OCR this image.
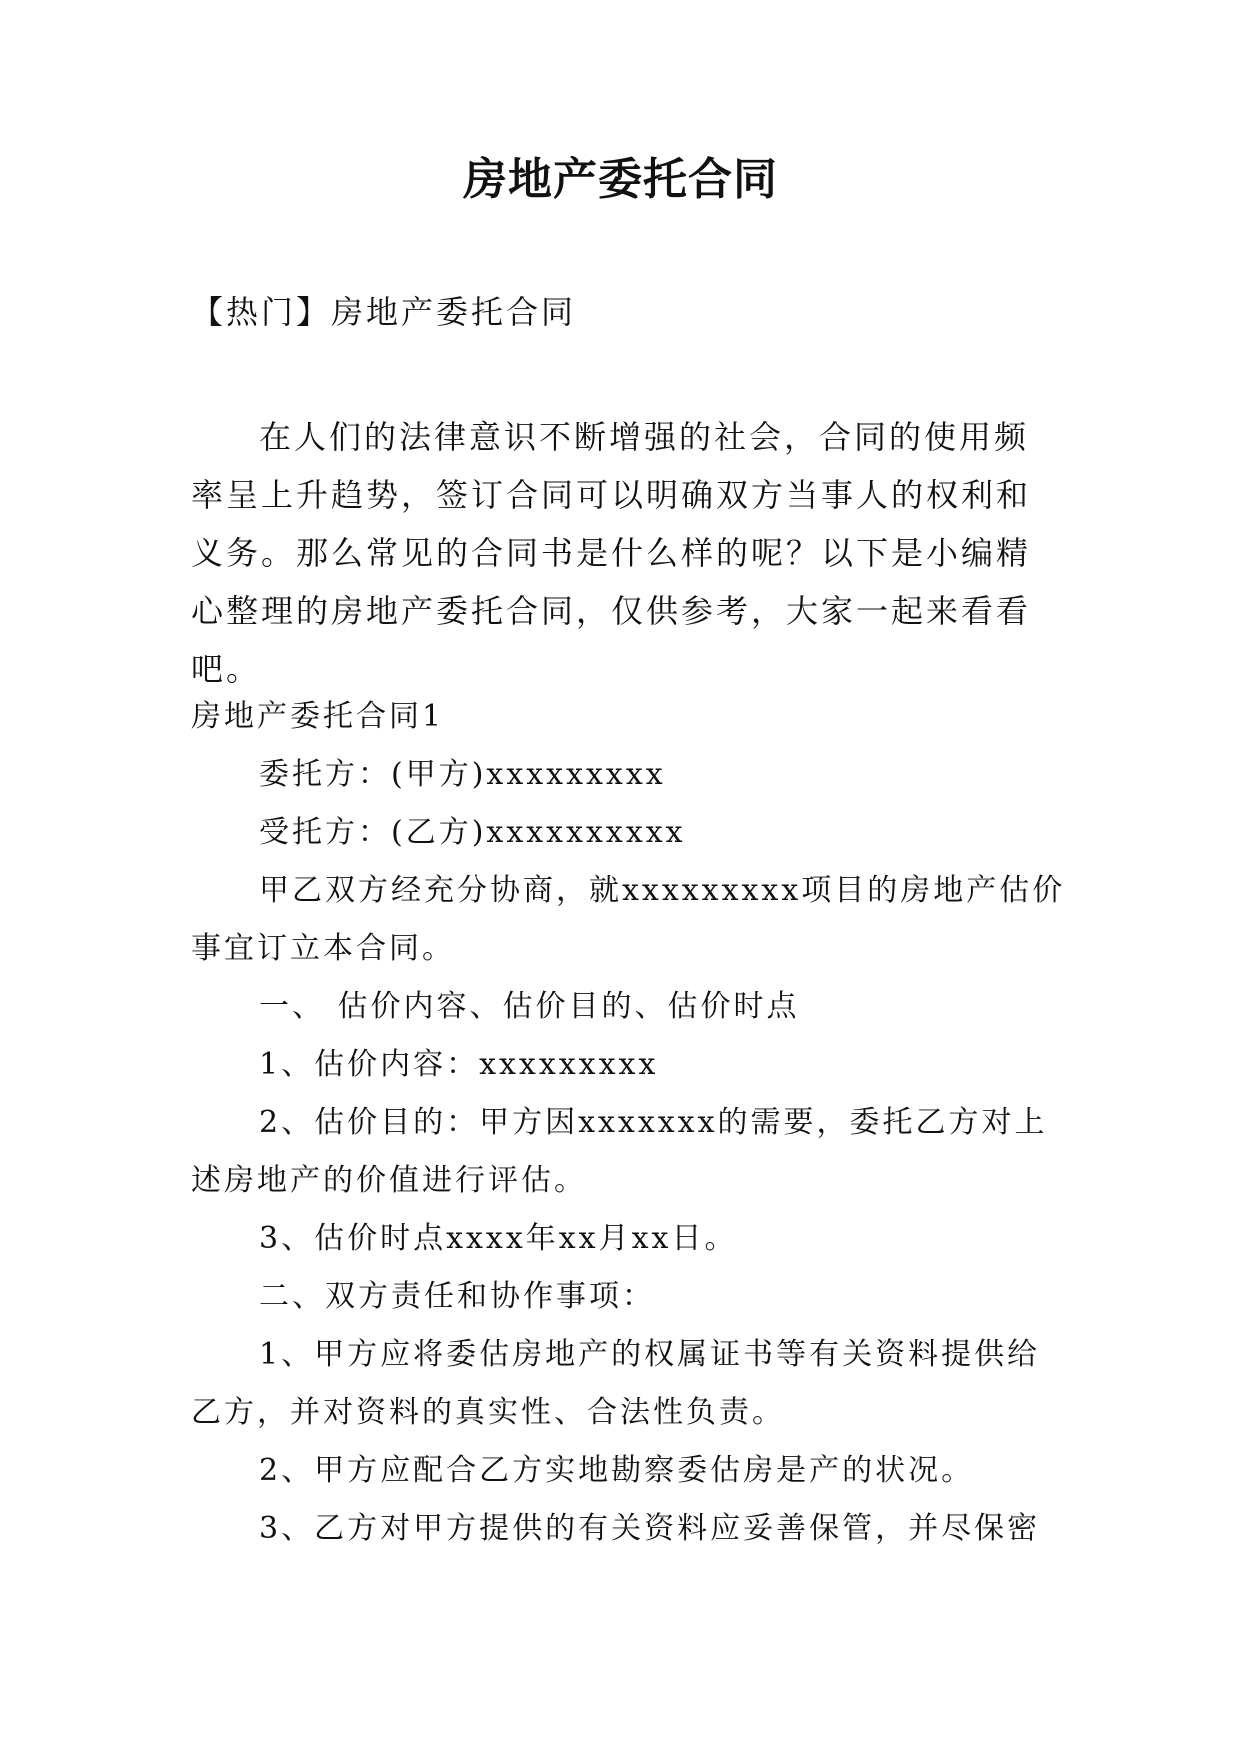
房地产委托合同
【热门】房地产委托合同
在人们的法律意识不断增强的社会，合同的使用频率呈上升趋势，签订合同可以明确双方当事人的权利和义务。那么常见的合同书是什么样的呢？以下是小编精心整理的房地产委托合同，仅供参考，大家一起来看看吧。
房地产委托合同1
委托方：(甲方)xxxxxxxxx
受托方：(乙方)xxxxxxxxxx
甲乙双方经充分协商，就xxxxxxxxx项目的房地产估价
事宜订立本合同。
一、 估价内容、估价目的、估价时点
1、估价内容：xxxxxxxxx
2、估价目的：甲方因xxxxxxx的需要，委托乙方对上
述房地产的价值进行评估。
3、估价时点xxxx年xx月xx日。
二、双方责任和协作事项：
1、甲方应将委估房地产的权属证书等有关资料提供给
乙方，并对资料的真实性、合法性负责。
2、甲方应配合乙方实地勘察委估房是产的状况。
3、乙方对甲方提供的有关资料应妥善保管，并尽保密
